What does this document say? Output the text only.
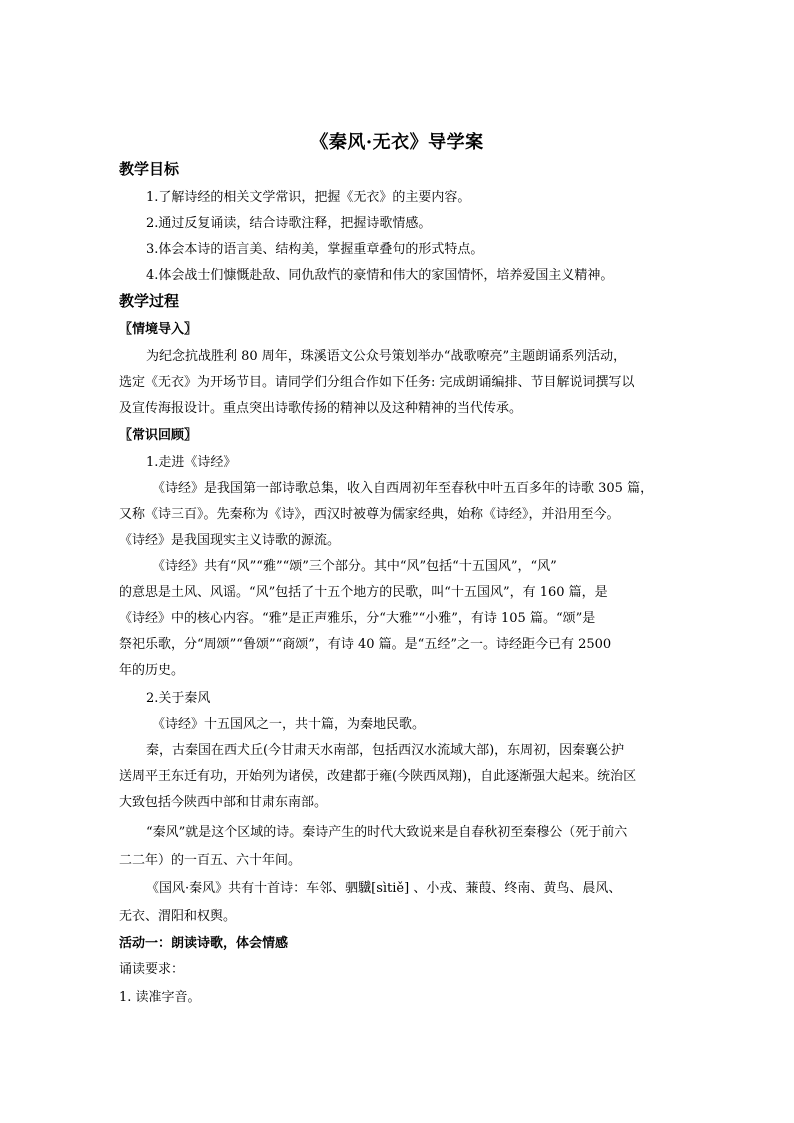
《秦风·无衣》导学案
教学目标
1.了解诗经的相关文学常识，把握《无衣》的主要内容。
2.通过反复诵读，结合诗歌注释，把握诗歌情感。
3.体会本诗的语言美、结构美，掌握重章叠句的形式特点。
4.体会战士们慷慨赴敌、同仇敌忾的豪情和伟大的家国情怀，培养爱国主义精神。
教学过程
〖情境导入〗
为纪念抗战胜利 80 周年，珠溪语文公众号策划举办“战歌嘹亮”主题朗诵系列活动，
选定《无衣》为开场节目。请同学们分组合作如下任务: 完成朗诵编排、节目解说词撰写以
及宣传海报设计。重点突出诗歌传扬的精神以及这种精神的当代传承。
〖常识回顾〗
1.走进《诗经》
《诗经》是我国第一部诗歌总集，收入自西周初年至春秋中叶五百多年的诗歌 305 篇，
又称《诗三百》。先秦称为《诗》，西汉时被尊为儒家经典，始称《诗经》，并沿用至今。
《诗经》是我国现实主义诗歌的源流。
《诗经》共有“风”“雅”“颂”三个部分。其中“风”包括“十五国风”，“风”
的意思是土风、风谣。“风”包括了十五个地方的民歌，叫“十五国风”，有 160 篇，是
《诗经》中的核心内容。“雅”是正声雅乐，分“大雅”“小雅”，有诗 105 篇。“颂”是
祭祀乐歌，分“周颂”“鲁颂”“商颂”，有诗 40 篇。是“五经”之一。诗经距今已有 2500
年的历史。
2.关于秦风
《诗经》十五国风之一，共十篇，为秦地民歌。
秦，古秦国在西犬丘(今甘肃天水南部，包括西汉水流域大部)，东周初，因秦襄公护
送周平王东迁有功，开始列为诸侯，改建都于雍(今陕西凤翔)，自此逐渐强大起来。统治区
大致包括今陕西中部和甘肃东南部。
“秦风”就是这个区域的诗。秦诗产生的时代大致说来是自春秋初至秦穆公（死于前六
二二年）的一百五、六十年间。
《国风·秦风》共有十首诗：车邻、驷驖[sìtiě] 、小戎、蒹葭、终南、黄鸟、晨风、
无衣、渭阳和权舆。
活动一：朗读诗歌，体会情感
诵读要求：
1. 读准字音。
